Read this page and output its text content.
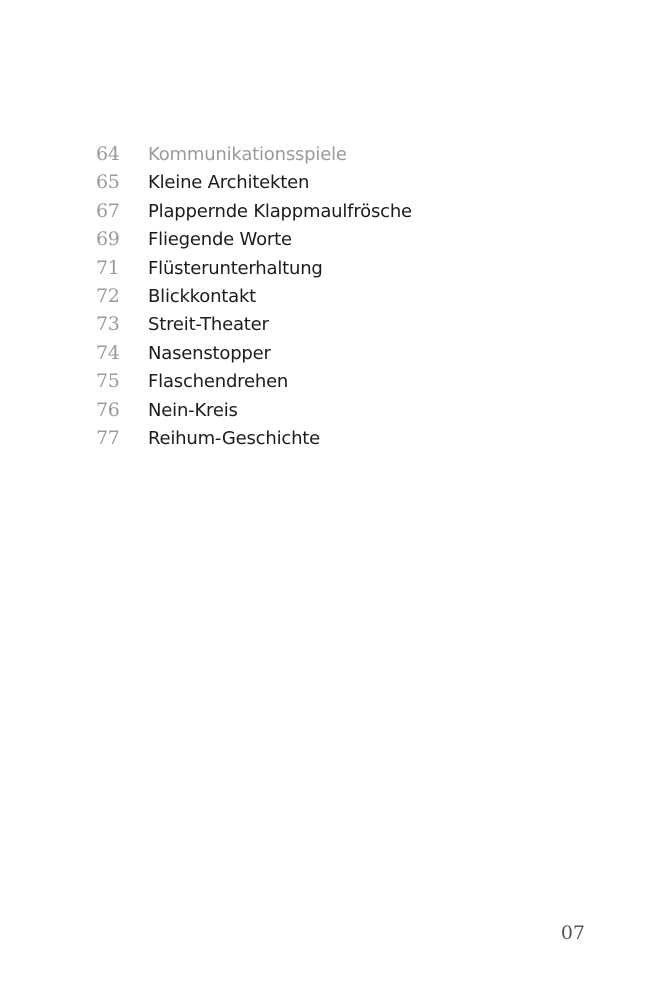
64	Kommunikationsspiele
65	Kleine Architekten
67	Plappernde Klappmaulfrösche
69	Fliegende Worte
71	Flüsterunterhaltung
72	Blickkontakt
73	Streit-Theater
74	Nasenstopper
75	Flaschendrehen
76	Nein-Kreis
77	Reihum-Geschichte
07
